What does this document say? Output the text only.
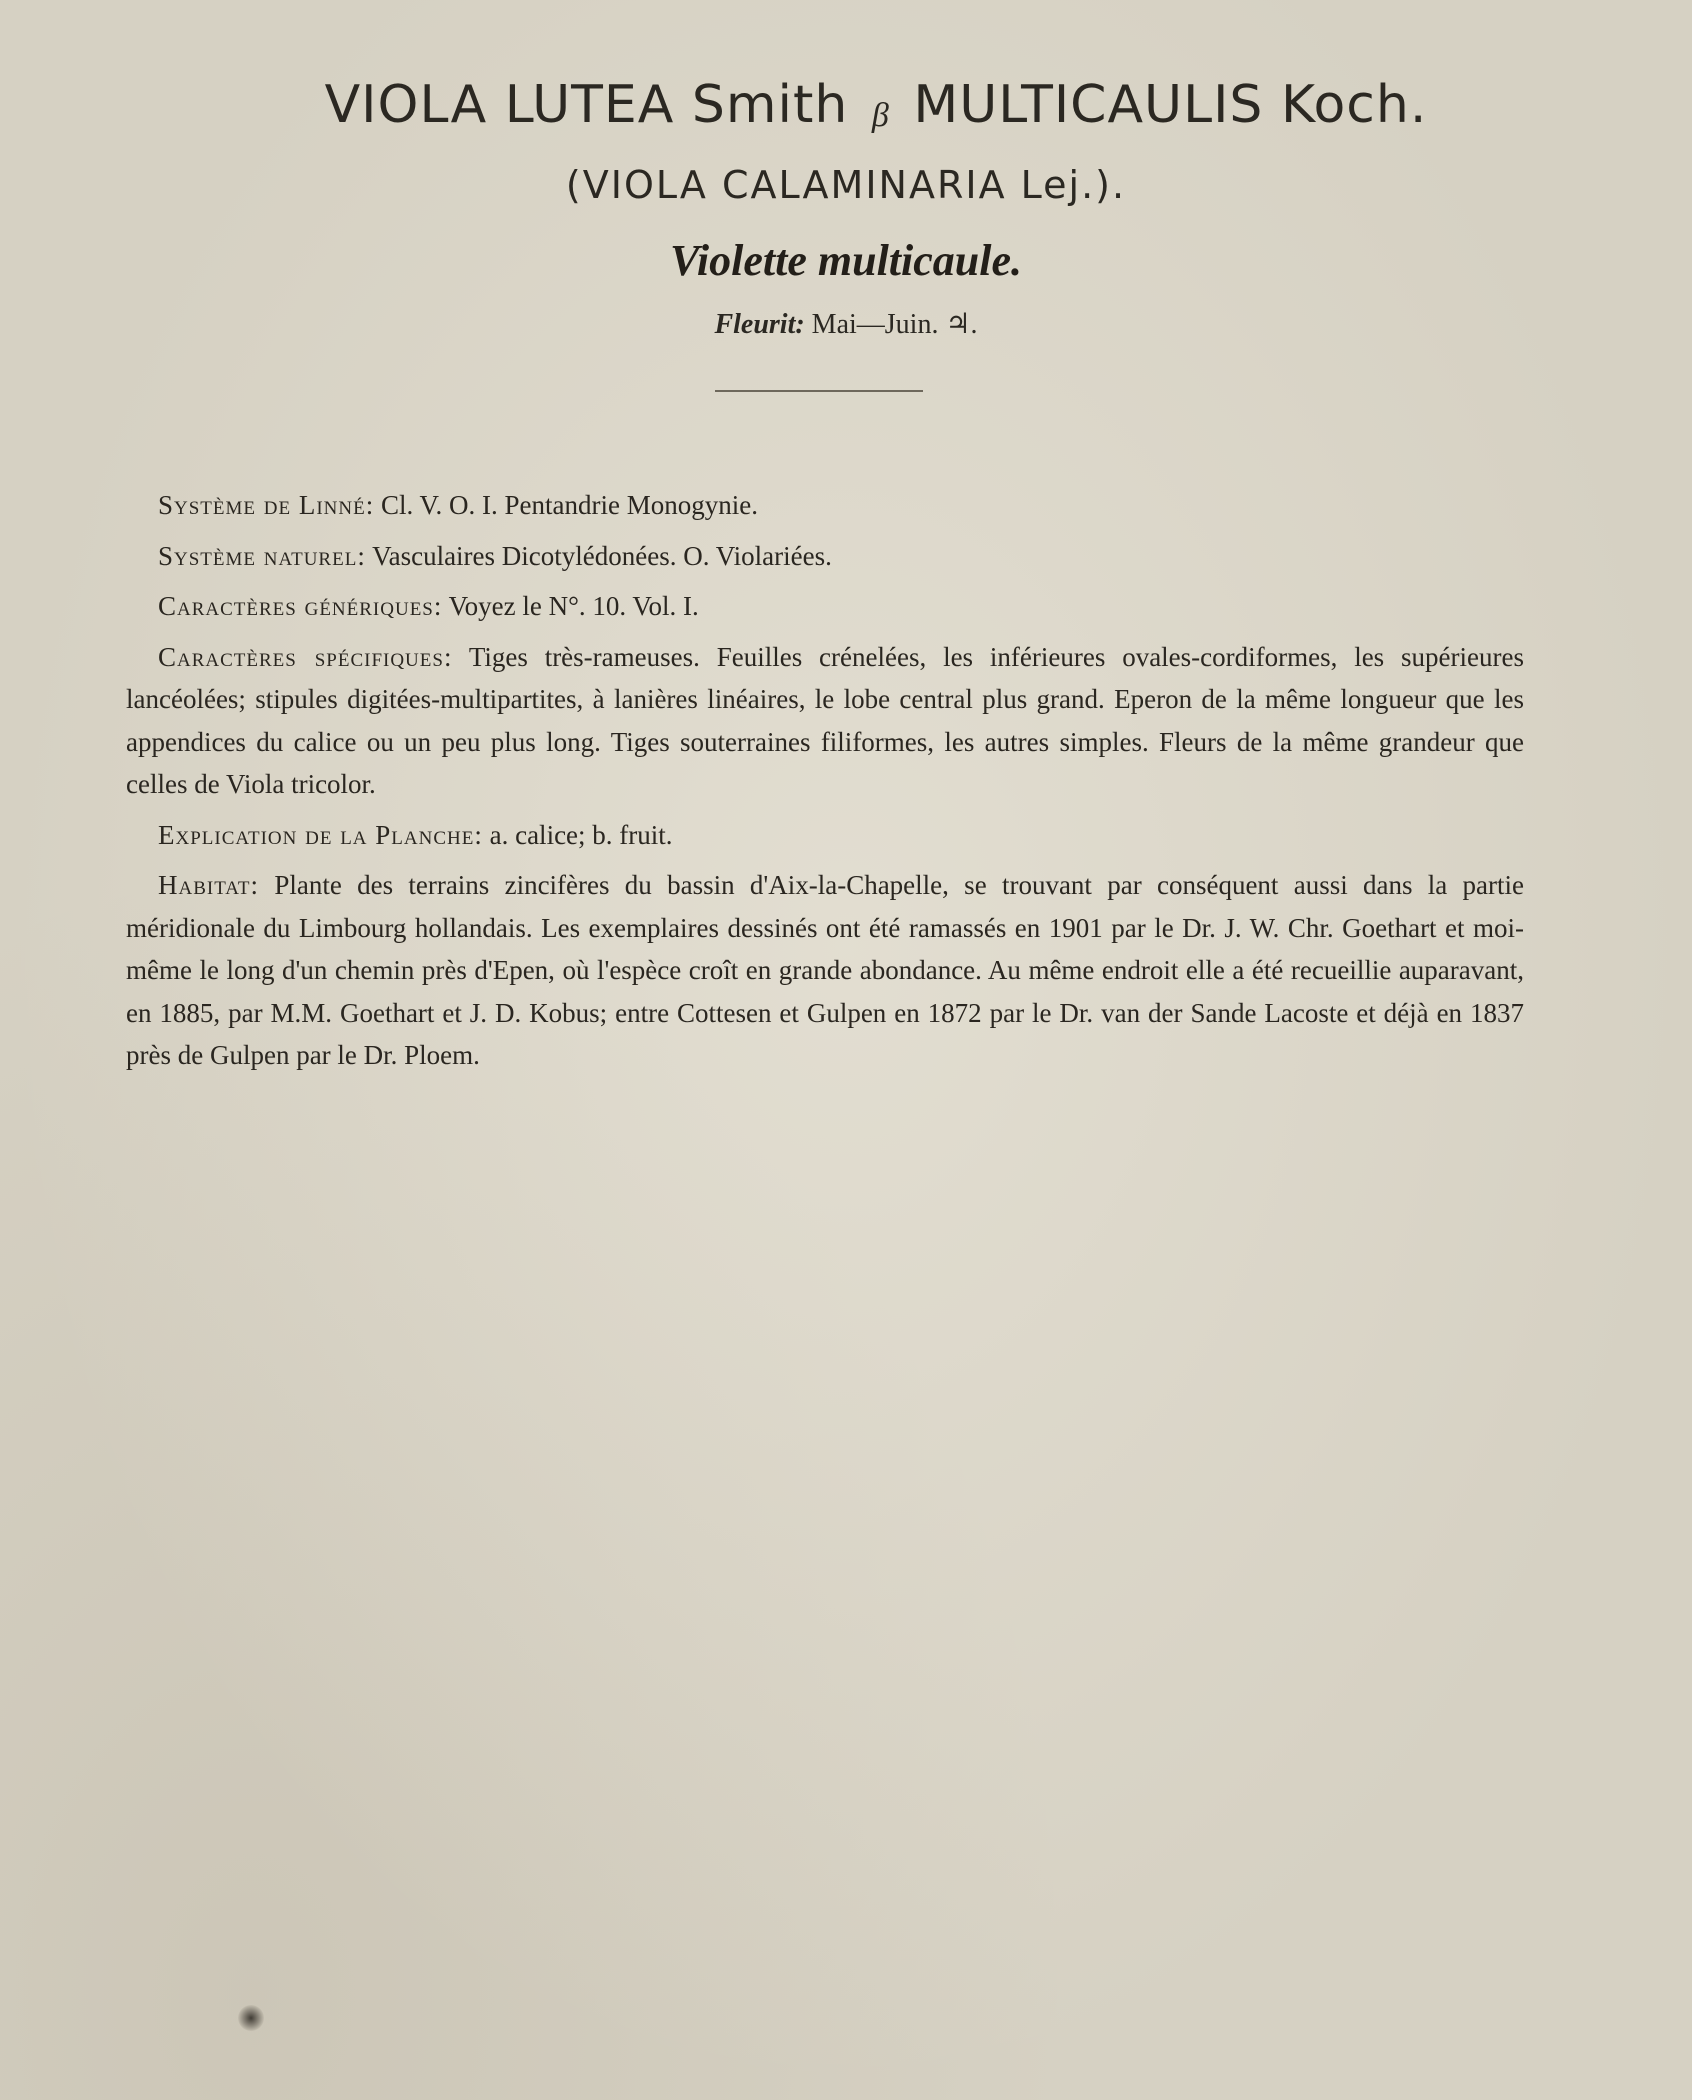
VIOLA LUTEA Smith β MULTICAULIS Koch.
(VIOLA CALAMINARIA Lej.).
Violette multicaule.
Fleurit: Mai—Juin. ♃.

Système de Linné: Cl. V. O. I. Pentandrie Monogynie.

Système naturel: Vasculaires Dicotylédonées. O. Violariées.

Caractères génériques: Voyez le N°. 10. Vol. I.

Caractères spécifiques: Tiges très-rameuses. Feuilles crénelées, les inférieures ovales-cordiformes, les supérieures lancéolées; stipules digitées-multipartites, à lanières linéaires, le lobe central plus grand. Eperon de la même longueur que les appendices du calice ou un peu plus long. Tiges souterraines filiformes, les autres simples. Fleurs de la même grandeur que celles de Viola tricolor.

Explication de la Planche: a. calice; b. fruit.

Habitat: Plante des terrains zincifères du bassin d'Aix-la-Chapelle, se trouvant par conséquent aussi dans la partie méridionale du Limbourg hollandais. Les exemplaires dessinés ont été ramassés en 1901 par le Dr. J. W. Chr. Goethart et moi-même le long d'un chemin près d'Epen, où l'espèce croît en grande abondance. Au même endroit elle a été recueillie auparavant, en 1885, par M.M. Goethart et J. D. Kobus; entre Cottesen et Gulpen en 1872 par le Dr. van der Sande Lacoste et déjà en 1837 près de Gulpen par le Dr. Ploem.
